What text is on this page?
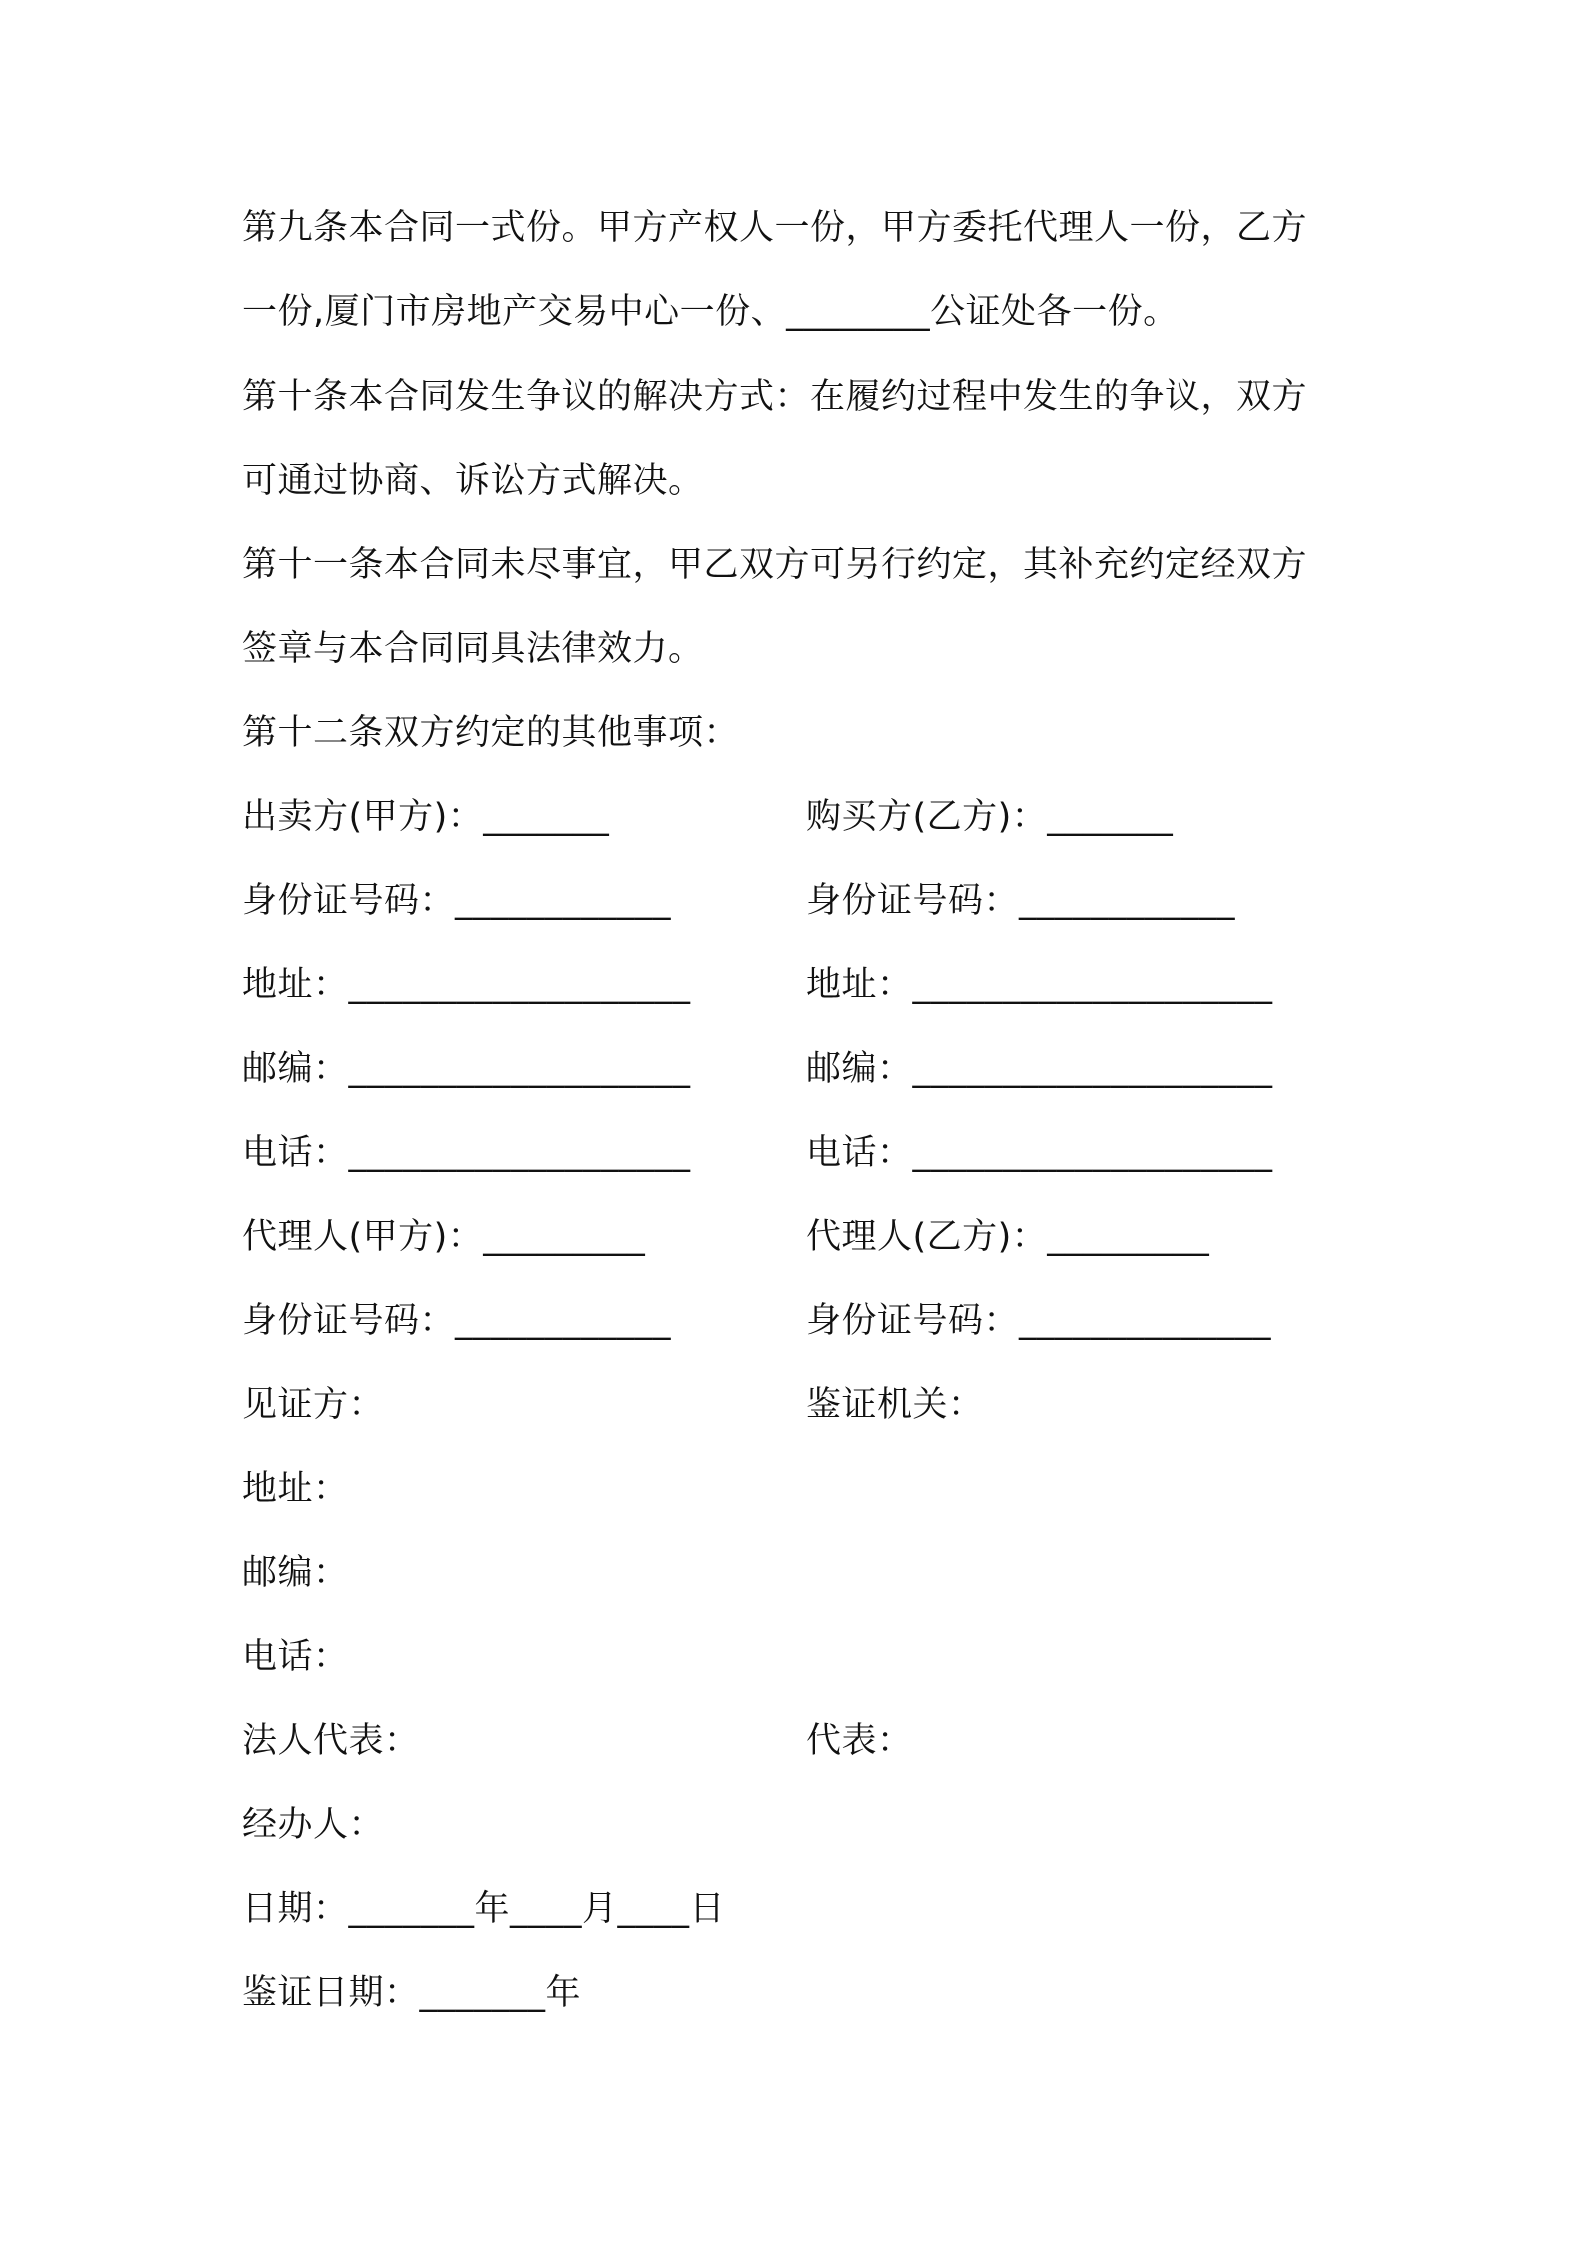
第九条本合同一式份。甲方产权人一份，甲方委托代理人一份，乙方
一份,厦门市房地产交易中心一份、________公证处各一份。
第十条本合同发生争议的解决方式：在履约过程中发生的争议，双方
可通过协商、诉讼方式解决。
第十一条本合同未尽事宜，甲乙双方可另行约定，其补充约定经双方
签章与本合同同具法律效力。
第十二条双方约定的其他事项：
出卖方(甲方)：_______	购买方(乙方)：_______
身份证号码：____________	身份证号码：____________
地址：___________________	地址：____________________
邮编：___________________	邮编：____________________
电话：___________________	电话：____________________
代理人(甲方)：_________	代理人(乙方)：_________
身份证号码：____________	身份证号码：______________
见证方：	鉴证机关：
地址：
邮编：
电话：
法人代表：	代表：
经办人：
日期：_______年____月____日
鉴证日期：_______年
